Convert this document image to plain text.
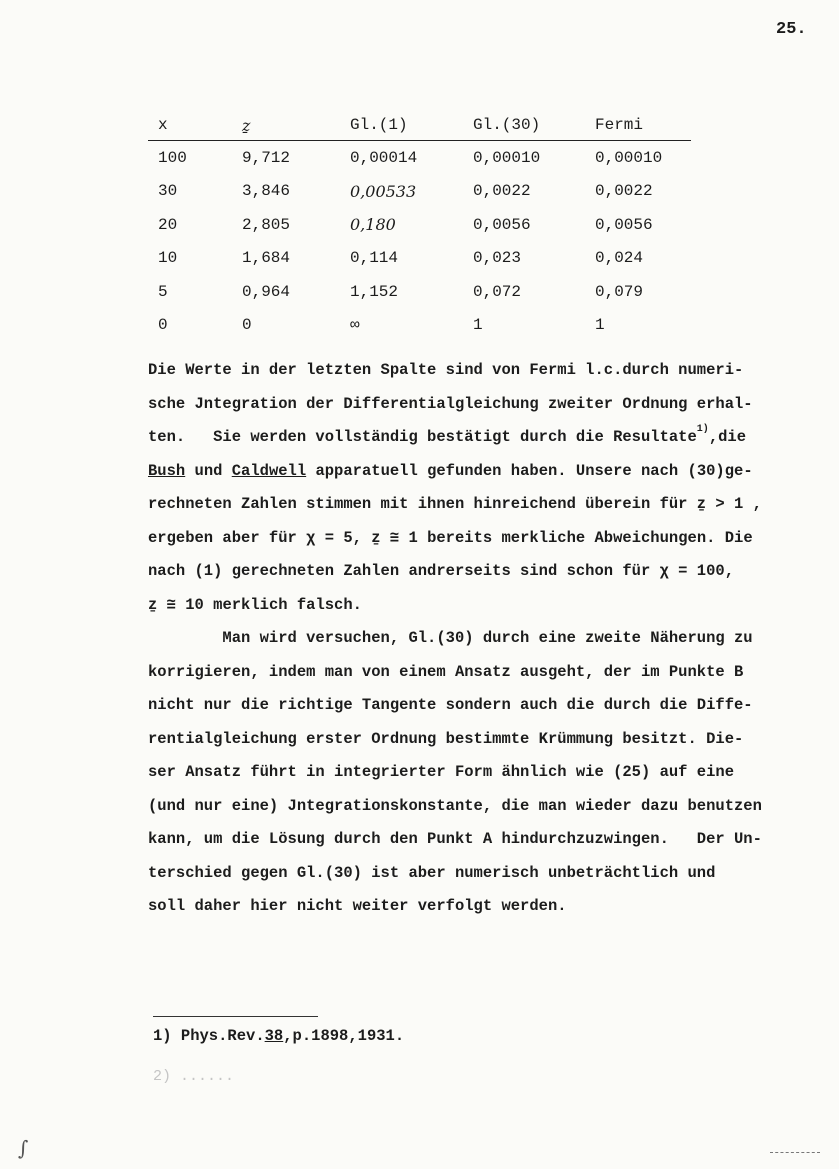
25.
x	ẕ	Gl.(1)	Gl.(30)	Fermi
100	9,712	0,00014	0,00010	0,00010
30	3,846	0,00533	0,0022	0,0022
20	2,805	0,180	0,0056	0,0056
10	1,684	0,114	0,023	0,024
5	0,964	1,152	0,072	0,079
0	0	∞	1	1
Die Werte in der letzten Spalte sind von Fermi l.c.durch numeri-
sche Jntegration der Differentialgleichung zweiter Ordnung erhal-
ten.   Sie werden vollständig bestätigt durch die Resultate$^{1)}$,die
Bush und Caldwell apparatuell gefunden haben. Unsere nach (30)ge-
rechneten Zahlen stimmen mit ihnen hinreichend überein für ẕ > 1 ,
ergeben aber für χ = 5, ẕ ≅ 1 bereits merkliche Abweichungen. Die
nach (1) gerechneten Zahlen andrerseits sind schon für χ = 100,
ẕ ≅ 10 merklich falsch.
Man wird versuchen, Gl.(30) durch eine zweite Näherung zu
korrigieren, indem man von einem Ansatz ausgeht, der im Punkte B
nicht nur die richtige Tangente sondern auch die durch die Diffe-
rentialgleichung erster Ordnung bestimmte Krümmung besitzt. Die-
ser Ansatz führt in integrierter Form ähnlich wie (25) auf eine
(und nur eine) Jntegrationskonstante, die man wieder dazu benutzen
kann, um die Lösung durch den Punkt A hindurchzuzwingen.   Der Un-
terschied gegen Gl.(30) ist aber numerisch unbeträchtlich und
soll daher hier nicht weiter verfolgt werden.
1) Phys.Rev.38,p.1898,1931.
2) ......
∫
